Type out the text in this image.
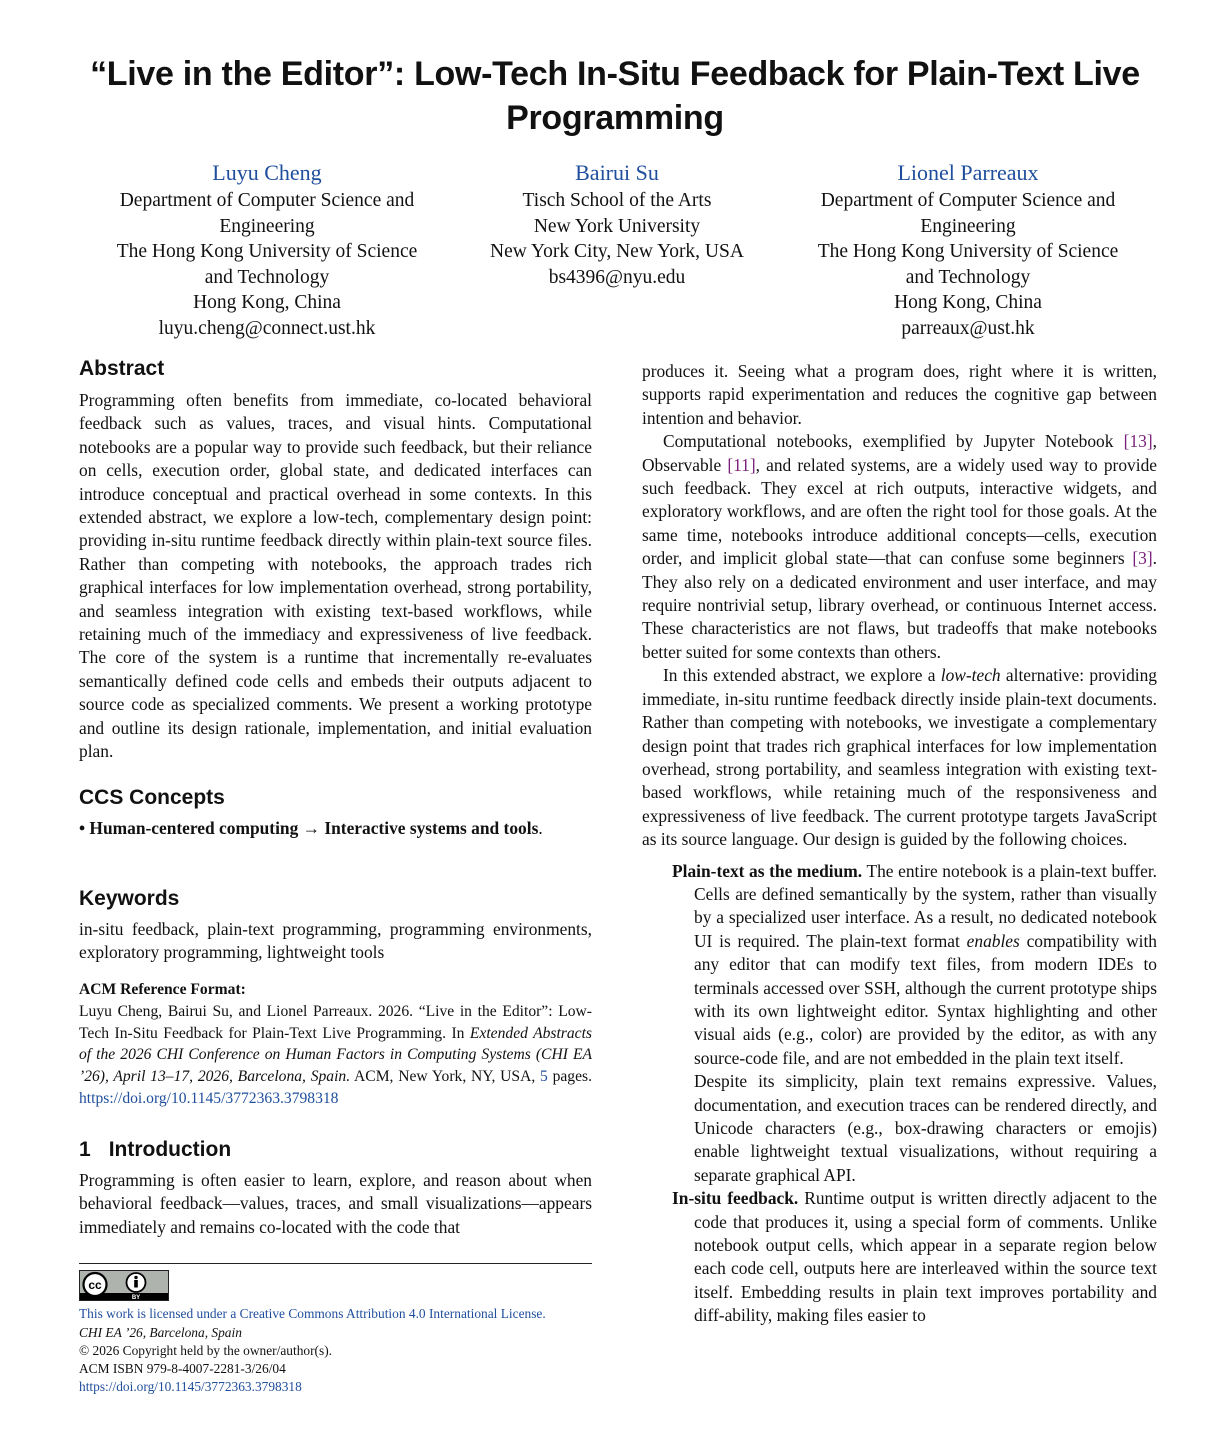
“Live in the Editor”: Low-Tech In-Situ Feedback for Plain-Text Live Programming
Luyu Cheng
Department of Computer Science and
Engineering
The Hong Kong University of Science
and Technology
Hong Kong, China
luyu.cheng@connect.ust.hk
Bairui Su
Tisch School of the Arts
New York University
New York City, New York, USA
bs4396@nyu.edu
Lionel Parreaux
Department of Computer Science and
Engineering
The Hong Kong University of Science
and Technology
Hong Kong, China
parreaux@ust.hk
Abstract

Programming often benefits from immediate, co-located behavioral feedback such as values, traces, and visual hints. Computational notebooks are a popular way to provide such feedback, but their reliance on cells, execution order, global state, and dedicated interfaces can introduce conceptual and practical overhead in some contexts. In this extended abstract, we explore a low-tech, complementary design point: providing in-situ runtime feedback directly within plain-text source files. Rather than competing with notebooks, the approach trades rich graphical interfaces for low implementation overhead, strong portability, and seamless integration with existing text-based workflows, while retaining much of the immediacy and expressiveness of live feedback. The core of the system is a runtime that incrementally re-evaluates semantically defined code cells and embeds their outputs adjacent to source code as specialized comments. We present a working prototype and outline its design rationale, implementation, and initial evaluation plan.

CCS Concepts

• Human-centered computing → Interactive systems and tools.

Keywords

in-situ feedback, plain-text programming, programming environments, exploratory programming, lightweight tools

ACM Reference Format:

Luyu Cheng, Bairui Su, and Lionel Parreaux. 2026. “Live in the Editor”: Low-Tech In-Situ Feedback for Plain-Text Live Programming. In Extended Abstracts of the 2026 CHI Conference on Human Factors in Computing Systems (CHI EA ’26), April 13–17, 2026, Barcelona, Spain. ACM, New York, NY, USA, 5 pages. https://doi.org/10.1145/3772363.3798318

1 Introduction

Programming is often easier to learn, explore, and reason about when behavioral feedback—values, traces, and small visualizations—appears immediately and remains co-located with the code that

cc
BY
This work is licensed under a Creative Commons Attribution 4.0 International License.
CHI EA ’26, Barcelona, Spain
© 2026 Copyright held by the owner/author(s).
ACM ISBN 979-8-4007-2281-3/26/04
https://doi.org/10.1145/3772363.3798318

produces it. Seeing what a program does, right where it is written, supports rapid experimentation and reduces the cognitive gap between intention and behavior.

Computational notebooks, exemplified by Jupyter Notebook [13], Observable [11], and related systems, are a widely used way to provide such feedback. They excel at rich outputs, interactive widgets, and exploratory workflows, and are often the right tool for those goals. At the same time, notebooks introduce additional concepts—cells, execution order, and implicit global state—that can confuse some beginners [3]. They also rely on a dedicated environment and user interface, and may require nontrivial setup, library overhead, or continuous Internet access. These characteristics are not flaws, but tradeoffs that make notebooks better suited for some contexts than others.

In this extended abstract, we explore a low-tech alternative: providing immediate, in-situ runtime feedback directly inside plain-text documents. Rather than competing with notebooks, we investigate a complementary design point that trades rich graphical interfaces for low implementation overhead, strong portability, and seamless integration with existing text-based workflows, while retaining much of the responsiveness and expressiveness of live feedback. The current prototype targets JavaScript as its source language. Our design is guided by the following choices.

Plain-text as the medium. The entire notebook is a plain-text buffer. Cells are defined semantically by the system, rather than visually by a specialized user interface. As a result, no dedicated notebook UI is required. The plain-text format enables compatibility with any editor that can modify text files, from modern IDEs to terminals accessed over SSH, although the current prototype ships with its own lightweight editor. Syntax highlighting and other visual aids (e.g., color) are provided by the editor, as with any source-code file, and are not embedded in the plain text itself.

Despite its simplicity, plain text remains expressive. Values, documentation, and execution traces can be rendered directly, and Unicode characters (e.g., box-drawing characters or emojis) enable lightweight textual visualizations, without requiring a separate graphical API.

In-situ feedback. Runtime output is written directly adjacent to the code that produces it, using a special form of comments. Unlike notebook output cells, which appear in a separate region below each code cell, outputs here are interleaved within the source text itself. Embedding results in plain text improves portability and diff-ability, making files easier to
